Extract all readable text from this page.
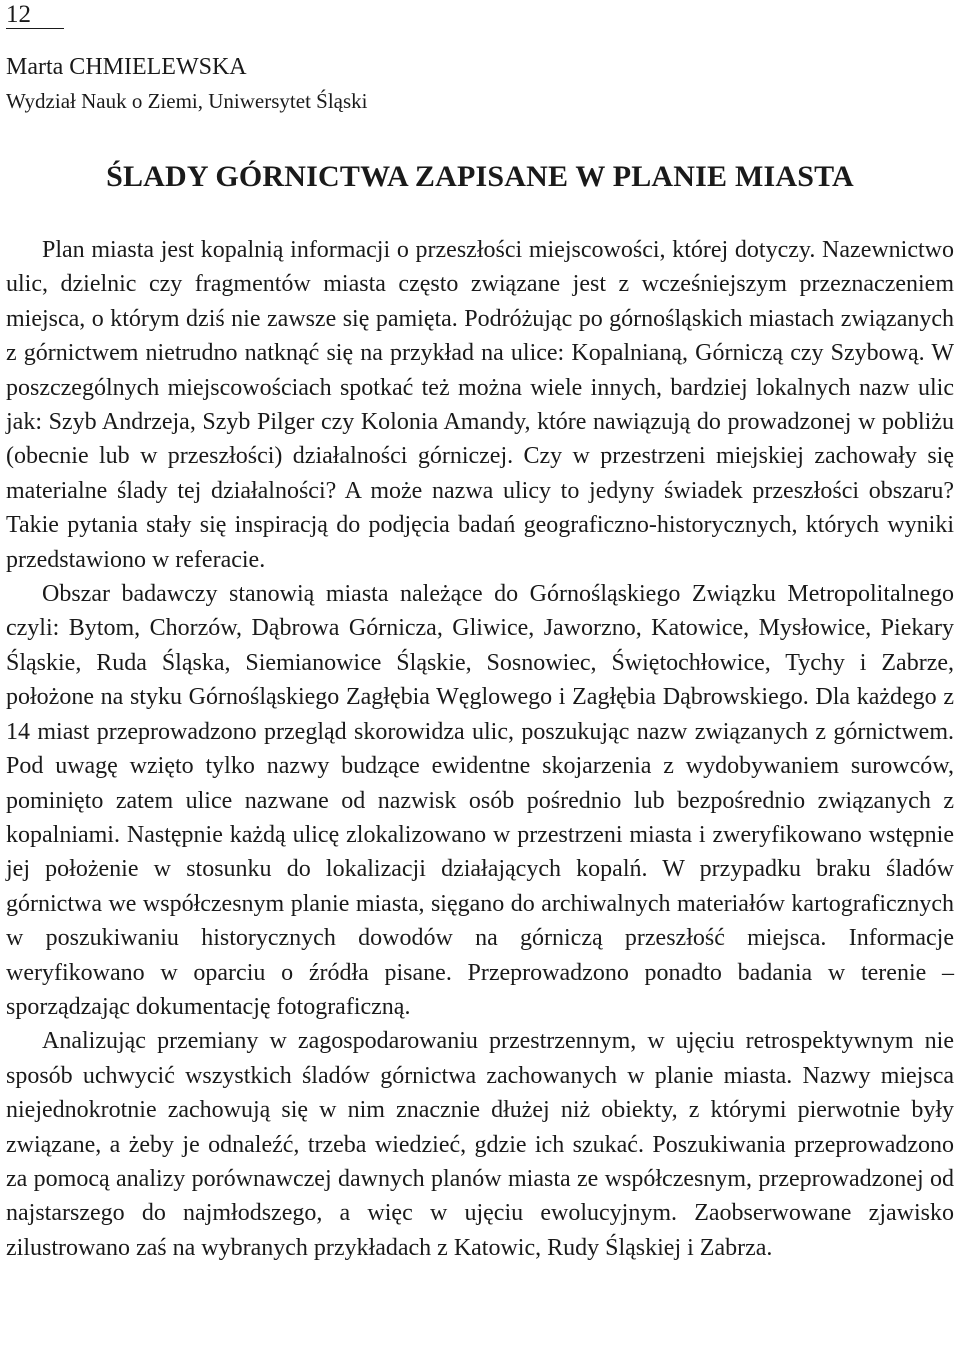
12
Marta CHMIELEWSKA
Wydział Nauk o Ziemi, Uniwersytet Śląski
ŚLADY GÓRNICTWA ZAPISANE W PLANIE MIASTA

Plan miasta jest kopalnią informacji o przeszłości miejscowości, której dotyczy. Nazewnictwo ulic, dzielnic czy fragmentów miasta często związane jest z wcześniejszym przeznaczeniem miejsca, o którym dziś nie zawsze się pamięta. Podróżując po górnośląskich miastach związanych z górnictwem nietrudno natknąć się na przykład na ulice: Kopalnianą, Górniczą czy Szybową. W poszczególnych miejscowościach spotkać też można wiele innych, bardziej lokalnych nazw ulic jak: Szyb Andrzeja, Szyb Pilger czy Kolonia Amandy, które nawiązują do prowadzonej w pobliżu (obecnie lub w przeszłości) działalności górniczej. Czy w przestrzeni miejskiej zachowały się materialne ślady tej działalności? A może nazwa ulicy to jedyny świadek przeszłości obszaru? Takie pytania stały się inspiracją do podjęcia badań geograficzno-historycznych, których wyniki przedstawiono w referacie.

Obszar badawczy stanowią miasta należące do Górnośląskiego Związku Metropolitalnego czyli: Bytom, Chorzów, Dąbrowa Górnicza, Gliwice, Jaworzno, Katowice, Mysłowice, Piekary Śląskie, Ruda Śląska, Siemianowice Śląskie, Sosnowiec, Świętochłowice, Tychy i Zabrze, położone na styku Górnośląskiego Zagłębia Węglowego i Zagłębia Dąbrowskiego. Dla każdego z 14 miast przeprowadzono przegląd skorowidza ulic, poszukując nazw związanych z górnictwem. Pod uwagę wzięto tylko nazwy budzące ewidentne skojarzenia z wydobywaniem surowców, pominięto zatem ulice nazwane od nazwisk osób pośrednio lub bezpośrednio związanych z kopalniami. Następnie każdą ulicę zlokalizowano w przestrzeni miasta i zweryfikowano wstępnie jej położenie w stosunku do lokalizacji działających kopalń. W przypadku braku śladów górnictwa we współczesnym planie miasta, sięgano do archiwalnych materiałów kartograficznych w poszukiwaniu historycznych dowodów na górniczą przeszłość miejsca. Informacje weryfikowano w oparciu o źródła pisane. Przeprowadzono ponadto badania w terenie – sporządzając dokumentację fotograficzną.

Analizując przemiany w zagospodarowaniu przestrzennym, w ujęciu retrospektywnym nie sposób uchwycić wszystkich śladów górnictwa zachowanych w planie miasta. Nazwy miejsca niejednokrotnie zachowują się w nim znacznie dłużej niż obiekty, z którymi pierwotnie były związane, a żeby je odnaleźć, trzeba wiedzieć, gdzie ich szukać. Poszukiwania przeprowadzono za pomocą analizy porównawczej dawnych planów miasta ze współczesnym, przeprowadzonej od najstarszego do najmłodszego, a więc w ujęciu ewolucyjnym. Zaobserwowane zjawisko zilustrowano zaś na wybranych przykładach z Katowic, Rudy Śląskiej i Zabrza.
